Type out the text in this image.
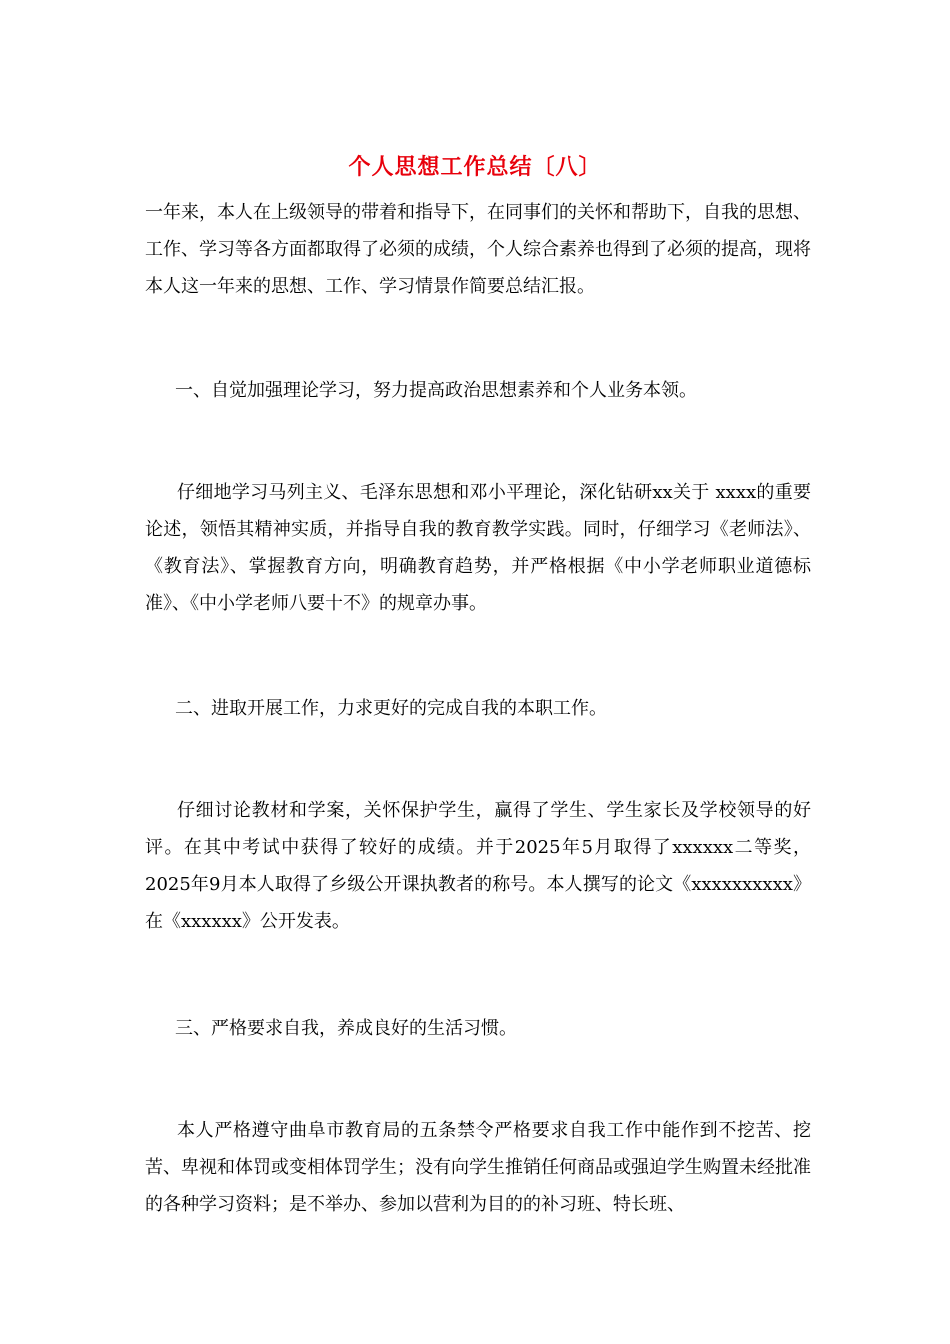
个人思想工作总结〔八〕

一年来，本人在上级领导的带着和指导下，在同事们的关怀和帮助下，自我的思想、工作、学习等各方面都取得了必须的成绩，个人综合素养也得到了必须的提高，现将本人这一年来的思想、工作、学习情景作简要总结汇报。

一、自觉加强理论学习，努力提高政治思想素养和个人业务本领。

仔细地学习马列主义、毛泽东思想和邓小平理论，深化钻研xx关于 xxxx的重要论述，领悟其精神实质，并指导自我的教育教学实践。同时，仔细学习《老师法》、《教育法》、掌握教育方向，明确教育趋势，并严格根据《中小学老师职业道德标准》、《中小学老师八要十不》的规章办事。

二、进取开展工作，力求更好的完成自我的本职工作。

仔细讨论教材和学案，关怀保护学生，赢得了学生、学生家长及学校领导的好评。在其中考试中获得了较好的成绩。并于2025年5月取得了xxxxxx二等奖，2025年9月本人取得了乡级公开课执教者的称号。本人撰写的论文《xxxxxxxxxx》在《xxxxxx》公开发表。

三、严格要求自我，养成良好的生活习惯。

本人严格遵守曲阜市教育局的五条禁令严格要求自我工作中能作到不挖苦、挖苦、卑视和体罚或变相体罚学生；没有向学生推销任何商品或强迫学生购置未经批准的各种学习资料；是不举办、参加以营利为目的的补习班、特长班、
